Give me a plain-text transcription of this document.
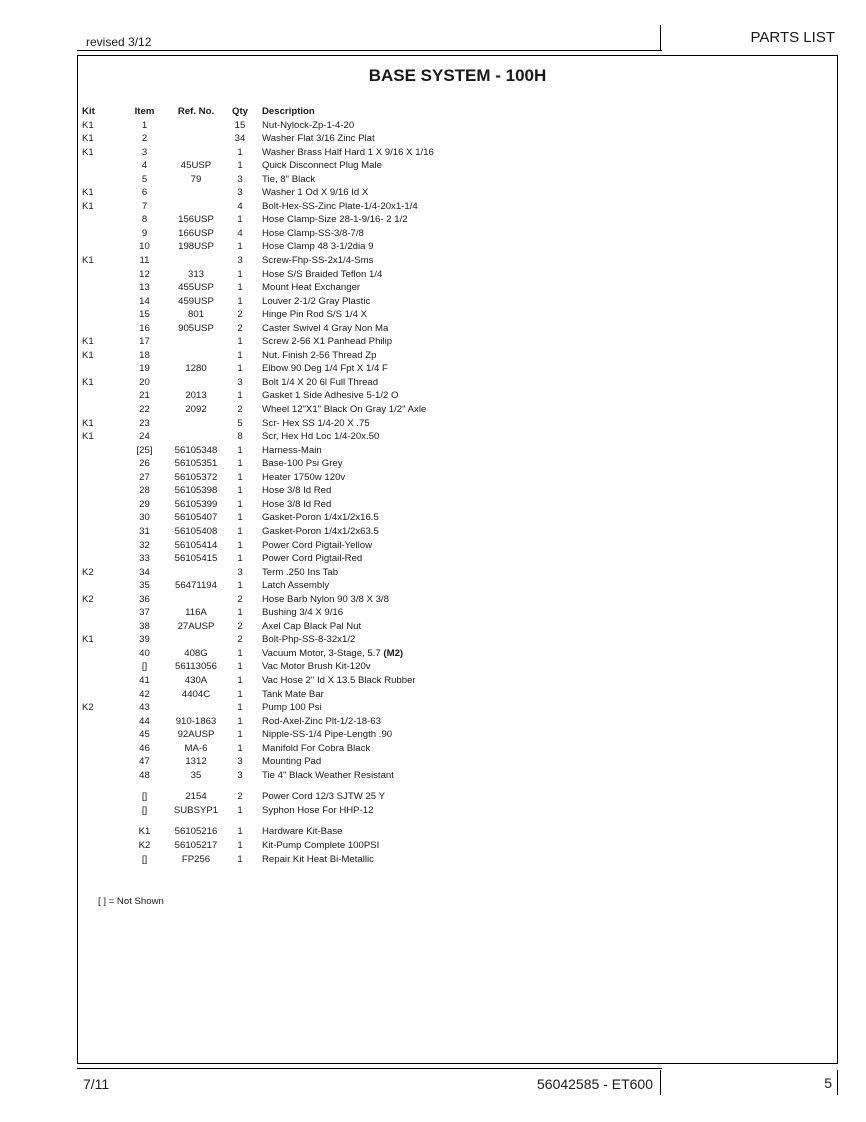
revised 3/12	PARTS LIST
BASE SYSTEM - 100H
Kit	Item	Ref. No.	Qty	Description
K1	1		15	Nut-Nylock-Zp-1-4-20
K1	2		34	Washer Flat 3/16 Zinc Plat
K1	3		1	Washer Brass Half Hard 1 X 9/16 X 1/16
	4	45USP	1	Quick Disconnect Plug Male
	5	79	3	Tie, 8" Black
K1	6		3	Washer 1 Od X 9/16 Id X
K1	7		4	Bolt-Hex-SS-Zinc Plate-1/4-20x1-1/4
	8	156USP	1	Hose Clamp-Size 28-1-9/16- 2 1/2
	9	166USP	4	Hose Clamp-SS-3/8-7/8
	10	198USP	1	Hose Clamp 48 3-1/2dia 9
K1	11		3	Screw-Fhp-SS-2x1/4-Sms
	12	313	1	Hose S/S Braided Teflon 1/4
	13	455USP	1	Mount Heat Exchanger
	14	459USP	1	Louver 2-1/2 Gray Plastic
	15	801	2	Hinge Pin Rod S/S 1/4 X
	16	905USP	2	Caster Swivel 4 Gray Non Ma
K1	17		1	Screw 2-56 X1 Panhead Philip
K1	18		1	Nut. Finish 2-56 Thread Zp
	19	1280	1	Elbow 90 Deg 1/4 Fpt X 1/4 F
K1	20		3	Bolt 1/4 X 20 6l Full Thread
	21	2013	1	Gasket 1 Side Adhesive 5-1/2 O
	22	2092	2	Wheel 12"X1" Black On Gray 1/2" Axle
K1	23		5	Scr- Hex SS 1/4-20 X .75
K1	24		8	Scr, Hex Hd Loc 1/4-20x.50
	[25]	56105348	1	Harness-Main
	26	56105351	1	Base-100 Psi Grey
	27	56105372	1	Heater 1750w 120v
	28	56105398	1	Hose 3/8 Id Red
	29	56105399	1	Hose 3/8 Id Red
	30	56105407	1	Gasket-Poron 1/4x1/2x16.5
	31	56105408	1	Gasket-Poron 1/4x1/2x63.5
	32	56105414	1	Power Cord Pigtail-Yellow
	33	56105415	1	Power Cord Pigtail-Red
K2	34		3	Term .250 Ins Tab
	35	56471194	1	Latch Assembly
K2	36		2	Hose Barb Nylon 90 3/8 X 3/8
	37	116A	1	Bushing 3/4 X 9/16
	38	27AUSP	2	Axel Cap Black Pal Nut
K1	39		2	Bolt-Php-SS-8-32x1/2
	40	408G	1	Vacuum Motor, 3-Stage, 5.7 (M2)
	[]	56113056	1	Vac Motor Brush Kit-120v
	41	430A	1	Vac Hose 2" Id X 13.5 Black Rubber
	42	4404C	1	Tank Mate Bar
K2	43		1	Pump 100 Psi
	44	910-1863	1	Rod-Axel-Zinc Plt-1/2-18-63
	45	92AUSP	1	Nipple-SS-1/4 Pipe-Length .90
	46	MA-6	1	Manifold For Cobra Black
	47	1312	3	Mounting Pad
	48	35	3	Tie 4" Black Weather Resistant

	[]	2154	2	Power Cord 12/3 SJTW 25 Y
	[]	SUBSYP1	1	Syphon Hose For HHP-12

	K1	56105216	1	Hardware Kit-Base
	K2	56105217	1	Kit-Pump Complete 100PSI
	[]	FP256	1	Repair Kit Heat Bi-Metallic
[ ] = Not Shown
7/11	56042585 - ET600	5
